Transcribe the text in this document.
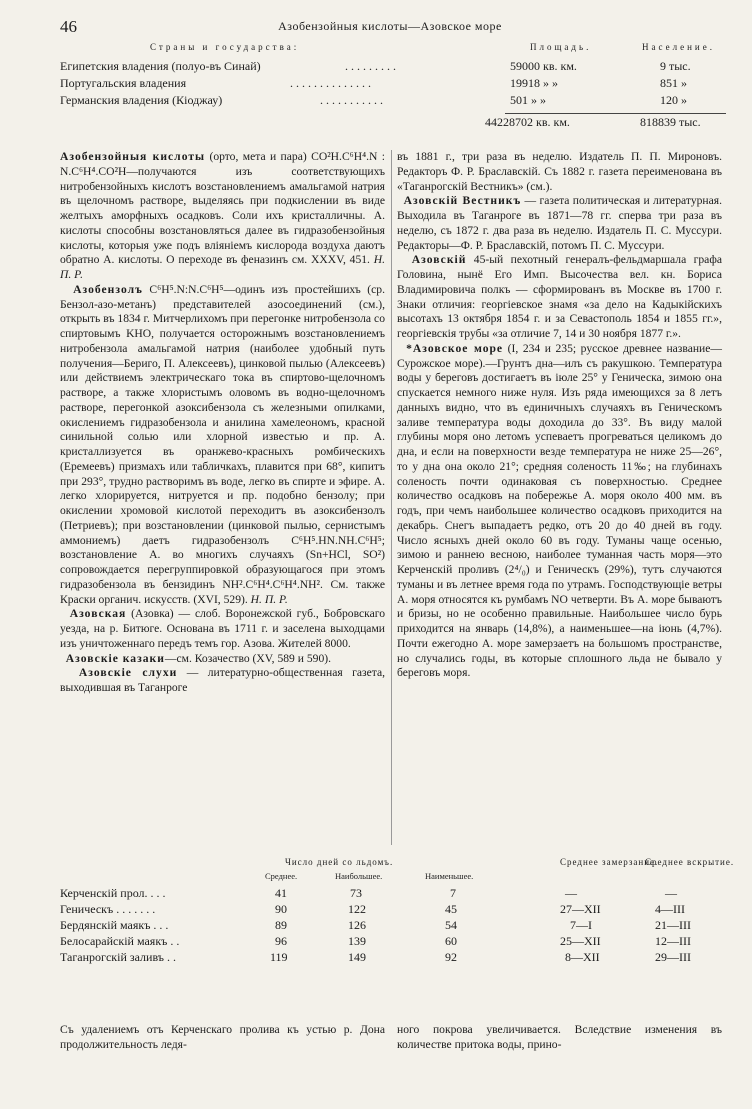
46	Азобензойныя кислоты—Азовское море
Страны и государства:	Площадь.	Население.
Египетския владения (полуо-въ Синай)	. . . . . . . . .	59000 кв. км.	9 тыс.
Португальския владения	. . . . . . . . . . . . . .	19918 » »	851 »
Германския владения (Кіоджау)	. . . . . . . . . . .	501 » »	120 »
44228702 кв. км.	818839 тыс.

Азобензойныя кислоты (орто, мета и пара) CO²H.C⁶H⁴.N : N.C⁶H⁴.CO²H—получаются изъ соответствующихъ нитробензойныхъ кислотъ возстановлениемъ амальгамой натрия въ щелочномъ растворе, выделяясь при подкислении въ виде желтыхъ аморфныхъ осадковъ. Соли ихъ кристалличны. А. кислоты способны возстановляться далее въ гидразобензойныя кислоты, которыя уже подъ вліяніемъ кислорода воздуха даютъ обратно А. кислоты. О переходе въ феназинъ см. XXXV, 451. Н. П. Р.

Азобензолъ C⁶H⁵.N:N.C⁶H⁵—одинъ изъ простейшихъ (ср. Бензол-азо-метанъ) представителей азосоединений (см.), открыть въ 1834 г. Митчерлихомъ при перегонке нитробензола со спиртовымъ KHO, получается осторожнымъ возстановлениемъ нитробензола амальгамой натрия (наиболее удобный путь получения—Бериго, П. Алексеевъ), цинковой пылью (Алексеевъ) или действиемъ электрическаго тока въ спиртово-щелочномъ растворе, а также хлористымъ оловомъ въ водно-щелочномъ растворе, перегонкой азоксибензола съ железными опилками, окислениемъ гидразобензола и анилина хамелеономъ, красной синильной солью или хлорной известью и пр. А. кристаллизуется въ оранжево-красныхъ ромбическихъ (Еремеевъ) призмахъ или табличкахъ, плавится при 68°, кипитъ при 293°, трудно растворимъ въ воде, легко въ спирте и эфире. А. легко хлорируется, нитруется и пр. подобно бензолу; при окислении хромовой кислотой переходитъ въ азоксибензолъ (Петриевъ); при возстановлении (цинковой пылью, сернистымъ аммониемъ) даетъ гидразобензолъ C⁶H⁵.HN.NH.C⁶H⁵; возстановление А. во многихъ случаяхъ (Sn+HCl, SO²) сопровождается перегруппировкой образующагося при этомъ гидразобензола въ бензидинъ NH².C⁶H⁴.C⁶H⁴.NH². См. также Краски органич. искусств. (XVI, 529). Н. П. Р.

Азовская (Азовка) — слоб. Воронежской губ., Бобровскаго уезда, на р. Битюге. Основана въ 1711 г. и заселена выходцами изъ уничтоженнаго передъ темъ гор. Азова. Жителей 8000.

Азовскіе казаки—см. Козачество (XV, 589 и 590).

Азовскіе слухи — литературно-общественная газета, выходившая въ Таганроге

въ 1881 г., три раза въ неделю. Издатель П. П. Мироновъ. Редакторъ Ф. Р. Браславскій. Съ 1882 г. газета переименована въ «Таганрогскій Вестникъ» (см.).

Азовскій Вестникъ — газета политическая и литературная. Выходила въ Таганроге въ 1871—78 гг. сперва три раза въ неделю, съ 1872 г. два раза въ неделю. Издатель П. С. Муссури. Редакторы—Ф. Р. Браславскій, потомъ П. С. Муссури.

Азовскій 45-ый пехотный генералъ-фельдмаршала графа Головина, нынё Его Имп. Высочества вел. кн. Бориса Владимировича полкъ — сформированъ въ Москве въ 1700 г. Знаки отличия: георгіевское знамя «за дело на Кадыкійскихъ высотахъ 13 октября 1854 г. и за Севастополь 1854 и 1855 гг.», георгіевскія трубы «за отличие 7, 14 и 30 ноября 1877 г.».

*Азовское море (I, 234 и 235; русское древнее название—Сурожское море).—Грунтъ дна—илъ съ ракушкою. Температура воды у береговъ достигаетъ въ іюле 25° у Геническа, зимою она спускается немного ниже нуля. Изъ ряда имеющихся за 8 летъ данныхъ видно, что въ единичныхъ случаяхъ въ Геническомъ заливе температура воды доходила до 33°. Въ виду малой глубины моря оно летомъ успеваетъ прогреваться целикомъ до дна, и если на поверхности везде температура не ниже 25—26°, то у дна она около 21°; средняя соленость 11‰; на глубинахъ соленость почти одинаковая съ поверхностью. Среднее количество осадковъ на побережье А. моря около 400 мм. въ годъ, при чемъ наибольшее количество осадковъ приходится на декабрь. Снегъ выпадаетъ редко, отъ 20 до 40 дней въ году. Число ясныхъ дней около 60 въ году. Туманы чаще осенью, зимою и раннею весною, наиболее туманная часть моря—это Керченскій проливъ (2⁴/₀) и Геническъ (29%), тутъ случаются туманы и въ летнее время года по утрамъ. Господствующіе ветры А. моря относятся къ румбамъ NO четверти. Въ А. море бываютъ и бризы, но не особенно правильные. Наибольшее число бурь приходится на январь (14,8%), а наименьшее—на іюнь (4,7%). Почти ежегодно А. море замерзаетъ на большомъ пространстве, но случались годы, въ которые сплошного льда не бывало у береговъ моря.

Число дней со льдомъ.	Среднее замерзание.
Среднее вскрытие.
Среднее.	Наибольшее.	Наименьшее.
Керченскій прол. . . .	41	73	7	—	—
Геническъ . . . . . . .	90	122	45	27—XII	4—III
Бердянскій маякъ . . .	89	126	54	7—I	21—III
Белосарайскій маякъ . .	96	139	60	25—XII	12—III
Таганрогскій заливъ . .	119	149	92	8—XII	29—III

Съ удалениемъ отъ Керченскаго пролива къ устью р. Дона продолжительность ледя-

ного покрова увеличивается. Вследствие изменения въ количестве притока воды, прино-
